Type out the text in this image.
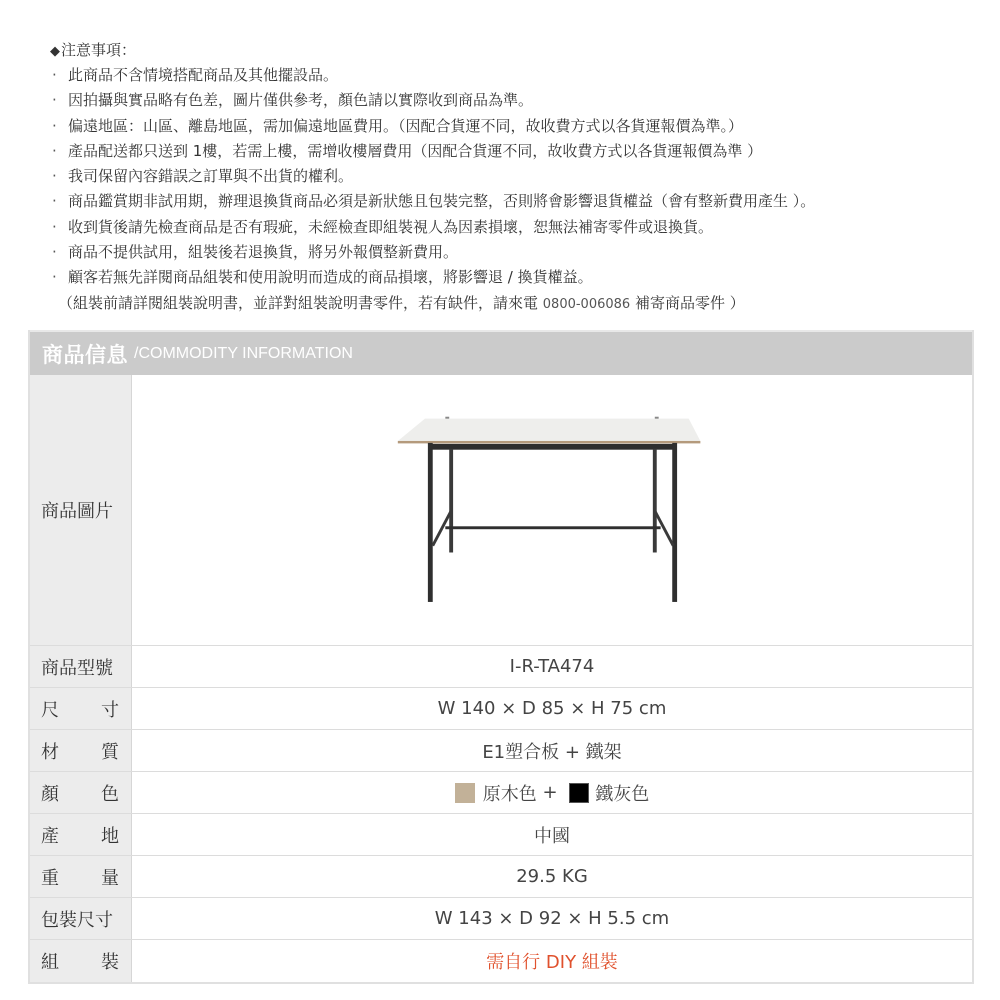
◆注意事項：
· 此商品不含情境搭配商品及其他擺設品。
· 因拍攝與實品略有色差，圖片僅供參考，顏色請以實際收到商品為準。
· 偏遠地區：山區、離島地區，需加偏遠地區費用。（因配合貨運不同，故收費方式以各貨運報價為準。）
· 產品配送都只送到 1樓，若需上樓，需增收樓層費用（因配合貨運不同，故收費方式以各貨運報價為準 ）
· 我司保留內容錯誤之訂單與不出貨的權利。
· 商品鑑賞期非試用期，辦理退換貨商品必須是新狀態且包裝完整，否則將會影響退貨權益（會有整新費用產生 ）。
· 收到貨後請先檢查商品是否有瑕疵，未經檢查即組裝視人為因素損壞，恕無法補寄零件或退換貨。
· 商品不提供試用，組裝後若退換貨，將另外報價整新費用。
· 顧客若無先詳閱商品組裝和使用說明而造成的商品損壞，將影響退 / 換貨權益。
（組裝前請詳閱組裝說明書，並詳對組裝說明書零件，若有缺件，請來電 0800-006086 補寄商品零件 ）
商品信息 /COMMODITY INFORMATION
商品圖片
商品型號	I-R-TA474
尺 寸	W 140 × D 85 × H 75 cm
材 質	E1塑合板 + 鐵架
顏 色	原木色 + 鐵灰色
產 地	中國
重 量	29.5 KG
包裝尺寸	W 143 × D 92 × H 5.5 cm
組 裝	需自行 DIY 組裝
